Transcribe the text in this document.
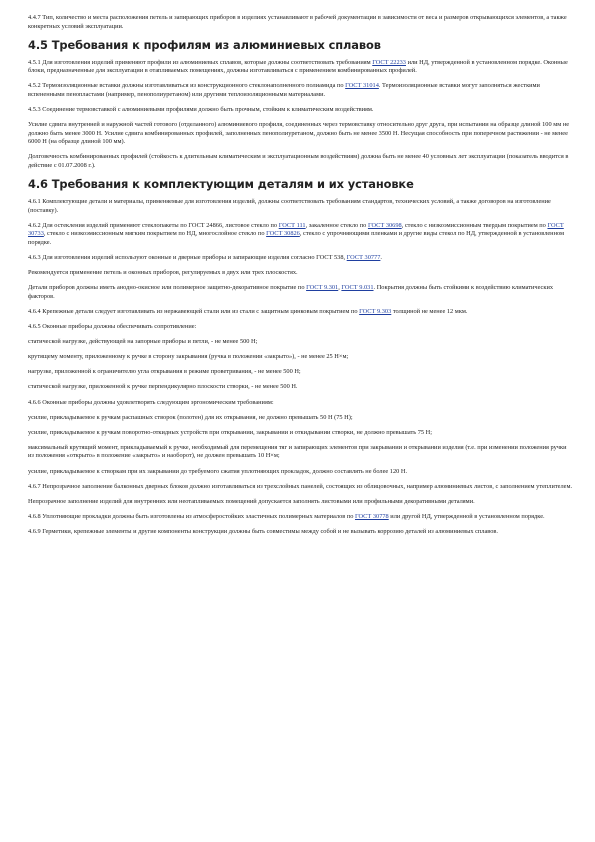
4.4.7 Тип, количество и места расположения петель и запирающих приборов в изделиях устанавливают в рабочей документации в зависимости от веса и размеров открывающихся элементов, а также конкретных условий эксплуатации.

4.5 Требования к профилям из алюминиевых сплавов

4.5.1 Для изготовления изделий применяют профили из алюминиевых сплавов, которые должны соответствовать требованиям ГОСТ 22233 или НД, утвержденной в установленном порядке. Оконные блоки, предназначенные для эксплуатации в отапливаемых помещениях, должны изготавливаться с применением комбинированных профилей.

4.5.2 Термоизоляционные вставки должны изготавливаться из конструкционного стеклонаполненного полиамида по ГОСТ 31014. Термоизоляционные вставки могут заполняться жесткими вспененными пенопластами (например, пенополиуретаном) или другими теплоизоляционными материалами.

4.5.3 Соединение термовставкой с алюминиевыми профилями должно быть прочным, стойким к климатическим воздействиям.

Усилие сдвига внутренней и наружной частей готового (отделанного) алюминиевого профиля, соединенных через термовставку относительно друг друга, при испытании на образце длиной 100 мм не должно быть менее 3000 Н. Усилие сдвига комбинированных профилей, заполненных пенополиуретаном, должно быть не менее 3500 Н. Несущая способность при поперечном растяжении - не менее 6000 Н (на образце длиной 100 мм).

Долговечность комбинированных профилей (стойкость к длительным климатическим и эксплуатационным воздействиям) должна быть не менее 40 условных лет эксплуатации (показатель вводится в действие с 01.07.2008 г.).

4.6 Требования к комплектующим деталям и их установке

4.6.1 Комплектующие детали и материалы, применяемые для изготовления изделий, должны соответствовать требованиям стандартов, технических условий, а также договоров на изготовление (поставку).

4.6.2 Для остекления изделий применяют стеклопакеты по ГОСТ 24866, листовое стекло по ГОСТ 111, закаленное стекло по ГОСТ 30698, стекло с низкоэмиссионным твердым покрытием по ГОСТ 30733, стекло с низкоэмиссионным мягким покрытием по НД, многослойное стекло по ГОСТ 30826, стекло с упрочняющими пленками и другие виды стекол по НД, утвержденной в установленном порядке.

4.6.3 Для изготовления изделий используют оконные и дверные приборы и запирающие изделия согласно ГОСТ 538, ГОСТ 30777.

Рекомендуется применение петель и оконных приборов, регулируемых в двух или трех плоскостях.

Детали приборов должны иметь анодно-окисное или полимерное защитно-декоративное покрытие по ГОСТ 9.301, ГОСТ 9.031. Покрытия должны быть стойкими к воздействию климатических факторов.

4.6.4 Крепежные детали следует изготавливать из нержавеющей стали или из стали с защитным цинковым покрытием по ГОСТ 9.303 толщиной не менее 12 мкм.

4.6.5 Оконные приборы должны обеспечивать сопротивление:

статической нагрузке, действующей на запорные приборы и петли, - не менее 500 Н;

крутящему моменту, приложенному к ручке в сторону закрывания (ручка в положении «закрыто»), - не менее 25 Н×м;

нагрузке, приложенной к ограничителю угла открывания в режиме проветривания, - не менее 500 Н;

статической нагрузке, приложенной к ручке перпендикулярно плоскости створки, - не менее 500 Н.

4.6.6 Оконные приборы должны удовлетворять следующим эргономическим требованиям:

усилие, прикладываемое к ручкам распашных створок (полотен) для их открывания, не должно превышать 50 Н (75 Н);

усилие, прикладываемое к ручкам поворотно-откидных устройств при открывании, закрывании и откидывании створки, не должно превышать 75 Н;

максимальный крутящий момент, прикладываемый к ручке, необходимый для перемещения тяг и запирающих элементов при закрывании и открывании изделия (т.е. при изменении положения ручки из положения «открыто» в положение «закрыто» и наоборот), не должен превышать 10 Н×м;

усилие, прикладываемое к створкам при их закрывании до требуемого сжатия уплотняющих прокладок, должно составлять не более 120 Н.

4.6.7 Непрозрачное заполнение балконных дверных блоков должно изготавливаться из трехслойных панелей, состоящих из облицовочных, например алюминиевых листов, с заполнением утеплителем.

Непрозрачное заполнение изделий для внутренних или неотапливаемых помещений допускается заполнять листовыми или профильными декоративными деталями.

4.6.8 Уплотняющие прокладки должны быть изготовлены из атмосферостойких эластичных полимерных материалов по ГОСТ 30778 или другой НД, утвержденной в установленном порядке.

4.6.9 Герметики, крепежные элементы и другие компоненты конструкции должны быть совместимы между собой и не вызывать коррозию деталей из алюминиевых сплавов.
